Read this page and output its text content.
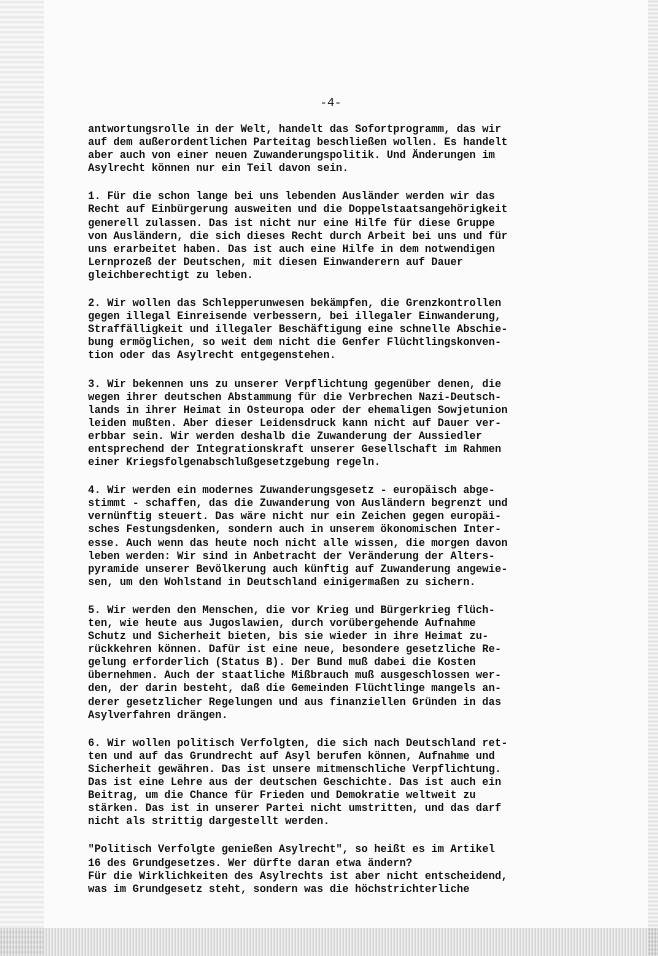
-4-

antwortungsrolle in der Welt, handelt das Sofortprogramm, das wir
auf dem außerordentlichen Parteitag beschließen wollen. Es handelt
aber auch von einer neuen Zuwanderungspolitik. Und Änderungen im
Asylrecht können nur ein Teil davon sein.

1. Für die schon lange bei uns lebenden Ausländer werden wir das
Recht auf Einbürgerung ausweiten und die Doppelstaatsangehörigkeit
generell zulassen. Das ist nicht nur eine Hilfe für diese Gruppe
von Ausländern, die sich dieses Recht durch Arbeit bei uns und für
uns erarbeitet haben. Das ist auch eine Hilfe in dem notwendigen
Lernprozeß der Deutschen, mit diesen Einwanderern auf Dauer
gleichberechtigt zu leben.

2. Wir wollen das Schlepperunwesen bekämpfen, die Grenzkontrollen
gegen illegal Einreisende verbessern, bei illegaler Einwanderung,
Straffälligkeit und illegaler Beschäftigung eine schnelle Abschie-
bung ermöglichen, so weit dem nicht die Genfer Flüchtlingskonven-
tion oder das Asylrecht entgegenstehen.

3. Wir bekennen uns zu unserer Verpflichtung gegenüber denen, die
wegen ihrer deutschen Abstammung für die Verbrechen Nazi-Deutsch-
lands in ihrer Heimat in Osteuropa oder der ehemaligen Sowjetunion
leiden mußten. Aber dieser Leidensdruck kann nicht auf Dauer ver-
erbbar sein. Wir werden deshalb die Zuwanderung der Aussiedler
entsprechend der Integrationskraft unserer Gesellschaft im Rahmen
einer Kriegsfolgenabschlußgesetzgebung regeln.

4. Wir werden ein modernes Zuwanderungsgesetz - europäisch abge-
stimmt - schaffen, das die Zuwanderung von Ausländern begrenzt und
vernünftig steuert. Das wäre nicht nur ein Zeichen gegen europäi-
sches Festungsdenken, sondern auch in unserem ökonomischen Inter-
esse. Auch wenn das heute noch nicht alle wissen, die morgen davon
leben werden: Wir sind in Anbetracht der Veränderung der Alters-
pyramide unserer Bevölkerung auch künftig auf Zuwanderung angewie-
sen, um den Wohlstand in Deutschland einigermaßen zu sichern.

5. Wir werden den Menschen, die vor Krieg und Bürgerkrieg flüch-
ten, wie heute aus Jugoslawien, durch vorübergehende Aufnahme
Schutz und Sicherheit bieten, bis sie wieder in ihre Heimat zu-
rückkehren können. Dafür ist eine neue, besondere gesetzliche Re-
gelung erforderlich (Status B). Der Bund muß dabei die Kosten
übernehmen. Auch der staatliche Mißbrauch muß ausgeschlossen wer-
den, der darin besteht, daß die Gemeinden Flüchtlinge mangels an-
derer gesetzlicher Regelungen und aus finanziellen Gründen in das
Asylverfahren drängen.

6. Wir wollen politisch Verfolgten, die sich nach Deutschland ret-
ten und auf das Grundrecht auf Asyl berufen können, Aufnahme und
Sicherheit gewähren. Das ist unsere mitmenschliche Verpflichtung.
Das ist eine Lehre aus der deutschen Geschichte. Das ist auch ein
Beitrag, um die Chance für Frieden und Demokratie weltweit zu
stärken. Das ist in unserer Partei nicht umstritten, und das darf
nicht als strittig dargestellt werden.

"Politisch Verfolgte genießen Asylrecht", so heißt es im Artikel
16 des Grundgesetzes. Wer dürfte daran etwa ändern?
Für die Wirklichkeiten des Asylrechts ist aber nicht entscheidend,
was im Grundgesetz steht, sondern was die höchstrichterliche
